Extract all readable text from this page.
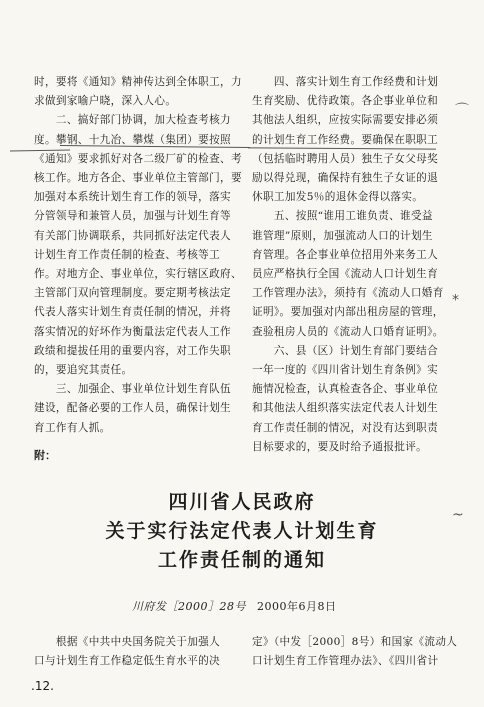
时，要将《通知》精神传达到全体职工，力

求做到家喻户晓，深入人心。

　　二、搞好部门协调，加大检查考核力

度。攀钢、十九冶、攀煤（集团）要按照

《通知》要求抓好对各二级厂矿的检查、考

核工作。地方各企、事业单位主管部门，要

加强对本系统计划生育工作的领导，落实

分管领导和兼管人员，加强与计划生育等

有关部门协调联系，共同抓好法定代表人

计划生育工作责任制的检查、考核等工

作。对地方企、事业单位，实行辖区政府、

主管部门双向管理制度。要定期考核法定

代表人落实计划生育责任制的情况，并将

落实情况的好坏作为衡量法定代表人工作

政绩和提拔任用的重要内容，对工作失职

的，要追究其责任。

　　三、加强企、事业单位计划生育队伍

建设，配备必要的工作人员，确保计划生

育工作有人抓。

　　四、落实计划生育工作经费和计划

生育奖励、优待政策。各企事业单位和

其他法人组织，应按实际需要安排必须

的计划生育工作经费。要确保在职职工

（包括临时聘用人员）独生子女父母奖

励以得兑现，确保持有独生子女证的退

休职工加发5％的退休金得以落实。

　　五、按照“谁用工谁负责、谁受益

谁管理”原则，加强流动人口的计划生

育管理。各企事业单位招用外来务工人

员应严格执行全国《流动人口计划生育

工作管理办法》，须持有《流动人口婚育

证明》。要加强对内部出租房屋的管理，

查验租房人员的《流动人口婚育证明》。

　　六、县（区）计划生育部门要结合

一年一度的《四川省计划生育条例》实

施情况检查，认真检查各企、事业单位

和其他法人组织落实法定代表人计划生

育工作责任制的情况，对没有达到职责

目标要求的，要及时给予通报批评。

⌒
⁎
~
附：
四川省人民政府
关于实行法定代表人计划生育
工作责任制的通知
川府发［2000］28号 2000年6月8日

　　根据《中共中央国务院关于加强人

口与计划生育工作稳定低生育水平的决

定》（中发［2000］8号）和国家《流动人

口计划生育工作管理办法》、《四川省计

.12.
